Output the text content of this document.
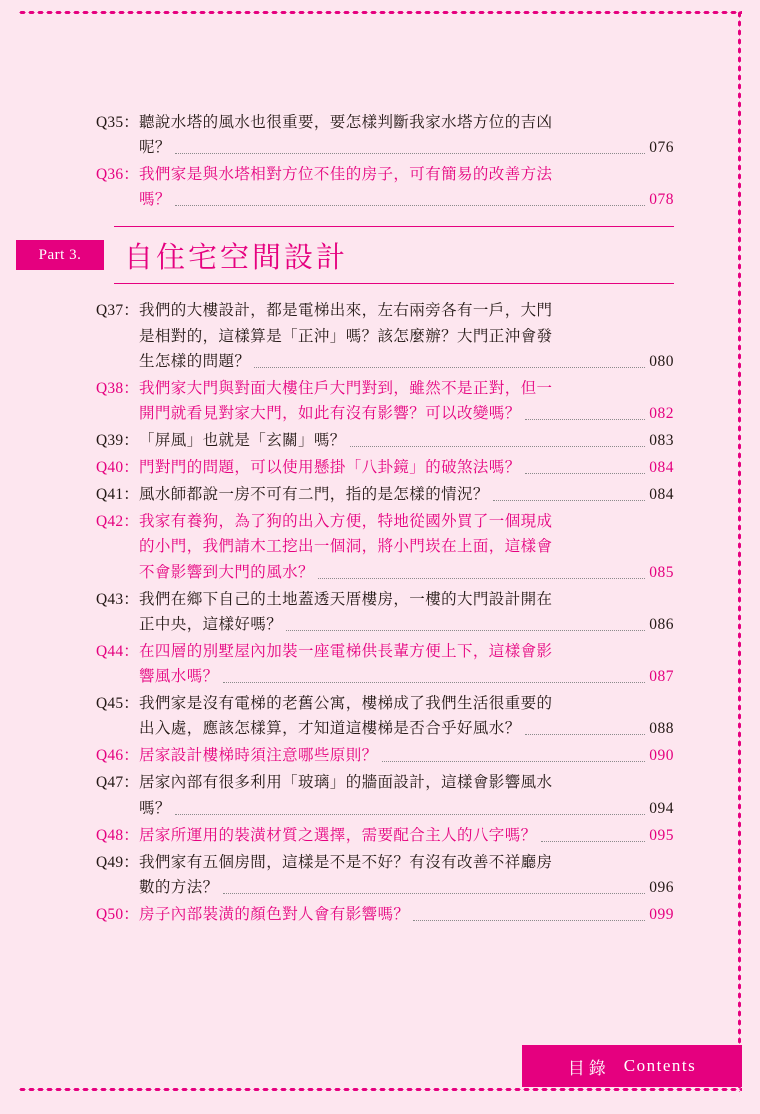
Q35： 聽說水塔的風水也很重要，要怎樣判斷我家水塔方位的吉凶
呢？	076
Q36： 我們家是與水塔相對方位不佳的房子，可有簡易的改善方法
嗎？	078
Part 3.	自住宅空間設計
Q37： 我們的大樓設計，都是電梯出來，左右兩旁各有一戶，大門
是相對的，這樣算是「正沖」嗎？該怎麼辦？大門正沖會發
生怎樣的問題？	080
Q38： 我們家大門與對面大樓住戶大門對到，雖然不是正對，但一
開門就看見對家大門，如此有沒有影響？可以改變嗎？	082
Q39： 「屏風」也就是「玄關」嗎？	083
Q40： 門對門的問題，可以使用懸掛「八卦鏡」的破煞法嗎？	084
Q41： 風水師都說一房不可有二門，指的是怎樣的情況？	084
Q42： 我家有養狗，為了狗的出入方便，特地從國外買了一個現成
的小門，我們請木工挖出一個洞，將小門崁在上面，這樣會
不會影響到大門的風水？	085
Q43： 我們在鄉下自己的土地蓋透天厝樓房，一樓的大門設計開在
正中央，這樣好嗎？	086
Q44： 在四層的別墅屋內加裝一座電梯供長輩方便上下，這樣會影
響風水嗎？	087
Q45： 我們家是沒有電梯的老舊公寓，樓梯成了我們生活很重要的
出入處，應該怎樣算，才知道這樓梯是否合乎好風水？	088
Q46： 居家設計樓梯時須注意哪些原則？	090
Q47： 居家內部有很多利用「玻璃」的牆面設計，這樣會影響風水
嗎？	094
Q48： 居家所運用的裝潢材質之選擇，需要配合主人的八字嗎？	095
Q49： 我們家有五個房間，這樣是不是不好？有沒有改善不祥廳房
數的方法？	096
Q50： 房子內部裝潢的顏色對人會有影響嗎？	099
目錄 Contents
